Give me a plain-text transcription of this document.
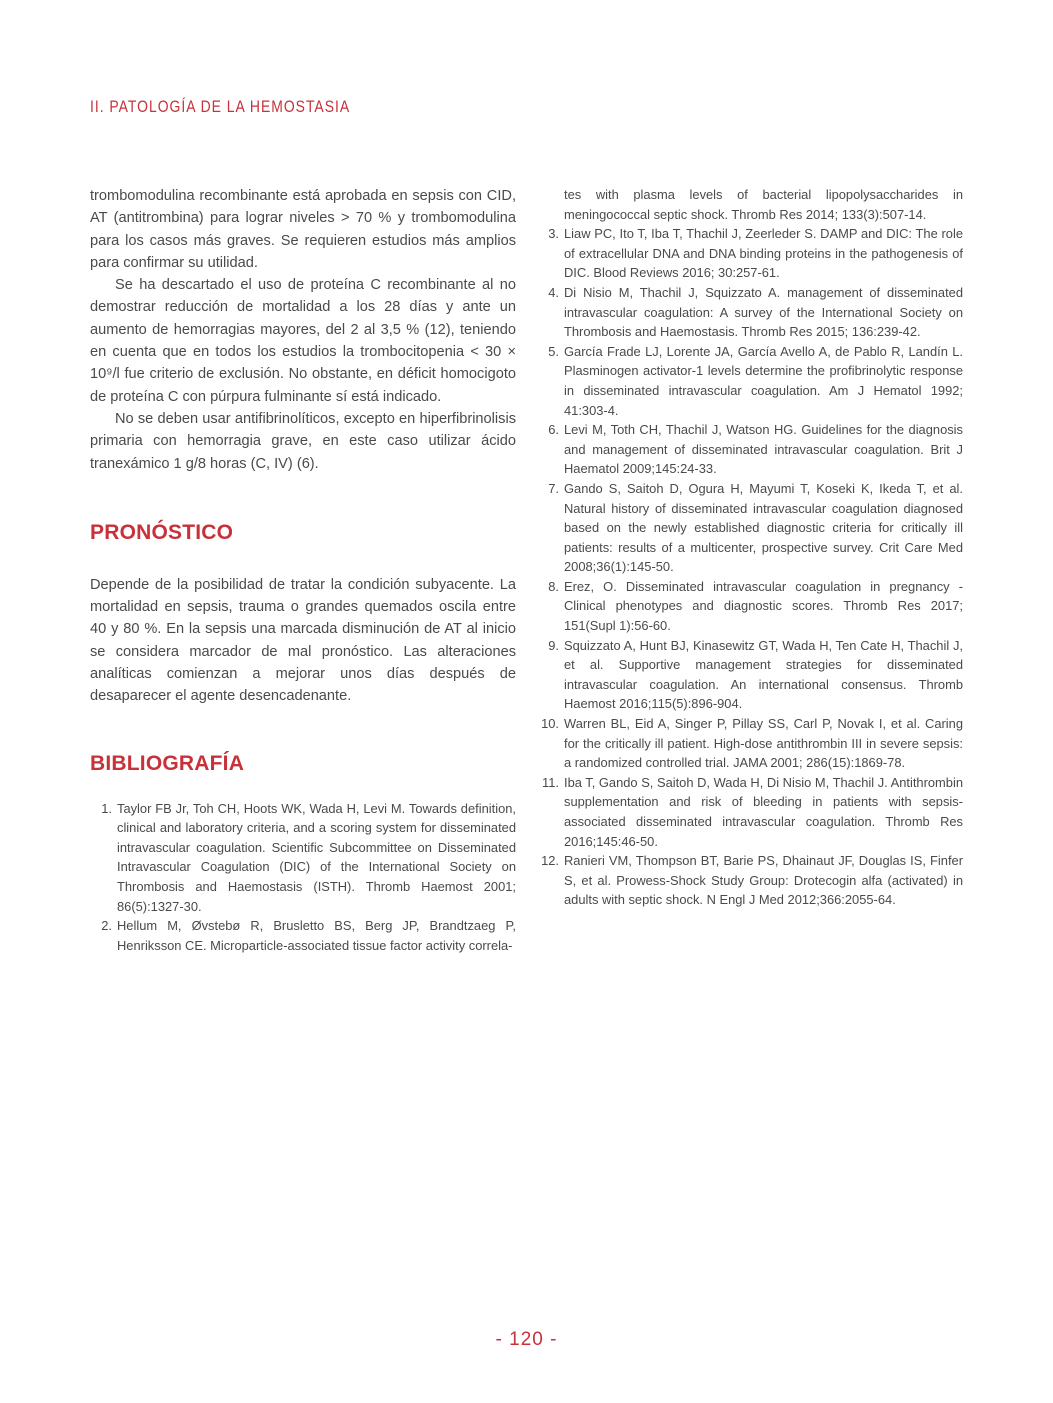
II. PATOLOGÍA DE LA HEMOSTASIA

trombomodulina recombinante está aprobada en sepsis con CID, AT (antitrombina) para lograr niveles > 70 % y trombomodulina para los casos más graves. Se requieren estudios más amplios para confirmar su utilidad.

Se ha descartado el uso de proteína C recombinante al no demostrar reducción de mortalidad a los 28 días y ante un aumento de hemorragias mayores, del 2 al 3,5 % (12), teniendo en cuenta que en todos los estudios la trombocitopenia < 30 × 10⁹/l fue criterio de exclusión. No obstante, en déficit homocigoto de proteína C con púrpura fulminante sí está indicado.

No se deben usar antifibrinolíticos, excepto en hiperfibrinolisis primaria con hemorragia grave, en este caso utilizar ácido tranexámico 1 g/8 horas (C, IV) (6).

PRONÓSTICO

Depende de la posibilidad de tratar la condición subyacente. La mortalidad en sepsis, trauma o grandes quemados oscila entre 40 y 80 %. En la sepsis una marcada disminución de AT al inicio se considera marcador de mal pronóstico. Las alteraciones analíticas comienzan a mejorar unos días después de desaparecer el agente desencadenante.

BIBLIOGRAFÍA
1. Taylor FB Jr, Toh CH, Hoots WK, Wada H, Levi M. Towards definition, clinical and laboratory criteria, and a scoring system for disseminated intravascular coagulation. Scientific Subcommittee on Disseminated Intravascular Coagulation (DIC) of the International Society on Thrombosis and Haemostasis (ISTH). Thromb Haemost 2001; 86(5):1327-30.
2. Hellum M, Øvstebø R, Brusletto BS, Berg JP, Brandtzaeg P, Henriksson CE. Microparticle-associated tissue factor activity correla-
tes with plasma levels of bacterial lipopolysaccharides in meningococcal septic shock. Thromb Res 2014; 133(3):507-14.
3. Liaw PC, Ito T, Iba T, Thachil J, Zeerleder S. DAMP and DIC: The role of extracellular DNA and DNA binding proteins in the pathogenesis of DIC. Blood Reviews 2016; 30:257-61.
4. Di Nisio M, Thachil J, Squizzato A. management of disseminated intravascular coagulation: A survey of the International Society on Thrombosis and Haemostasis. Thromb Res 2015; 136:239-42.
5. García Frade LJ, Lorente JA, García Avello A, de Pablo R, Landín L. Plasminogen activator-1 levels determine the profibrinolytic response in disseminated intravascular coagulation. Am J Hematol 1992; 41:303-4.
6. Levi M, Toth CH, Thachil J, Watson HG. Guidelines for the diagnosis and management of disseminated intravascular coagulation. Brit J Haematol 2009;145:24-33.
7. Gando S, Saitoh D, Ogura H, Mayumi T, Koseki K, Ikeda T, et al. Natural history of disseminated intravascular coagulation diagnosed based on the newly established diagnostic criteria for critically ill patients: results of a multicenter, prospective survey. Crit Care Med 2008;36(1):145-50.
8. Erez, O. Disseminated intravascular coagulation in pregnancy - Clinical phenotypes and diagnostic scores. Thromb Res 2017; 151(Supl 1):56-60.
9. Squizzato A, Hunt BJ, Kinasewitz GT, Wada H, Ten Cate H, Thachil J, et al. Supportive management strategies for disseminated intravascular coagulation. An international consensus. Thromb Haemost 2016;115(5):896-904.
10. Warren BL, Eid A, Singer P, Pillay SS, Carl P, Novak I, et al. Caring for the critically ill patient. High-dose antithrombin III in severe sepsis: a randomized controlled trial. JAMA 2001; 286(15):1869-78.
11. Iba T, Gando S, Saitoh D, Wada H, Di Nisio M, Thachil J. Antithrombin supplementation and risk of bleeding in patients with sepsis-associated disseminated intravascular coagulation. Thromb Res 2016;145:46-50.
12. Ranieri VM, Thompson BT, Barie PS, Dhainaut JF, Douglas IS, Finfer S, et al. Prowess-Shock Study Group: Drotecogin alfa (activated) in adults with septic shock. N Engl J Med 2012;366:2055-64.
- 120 -
